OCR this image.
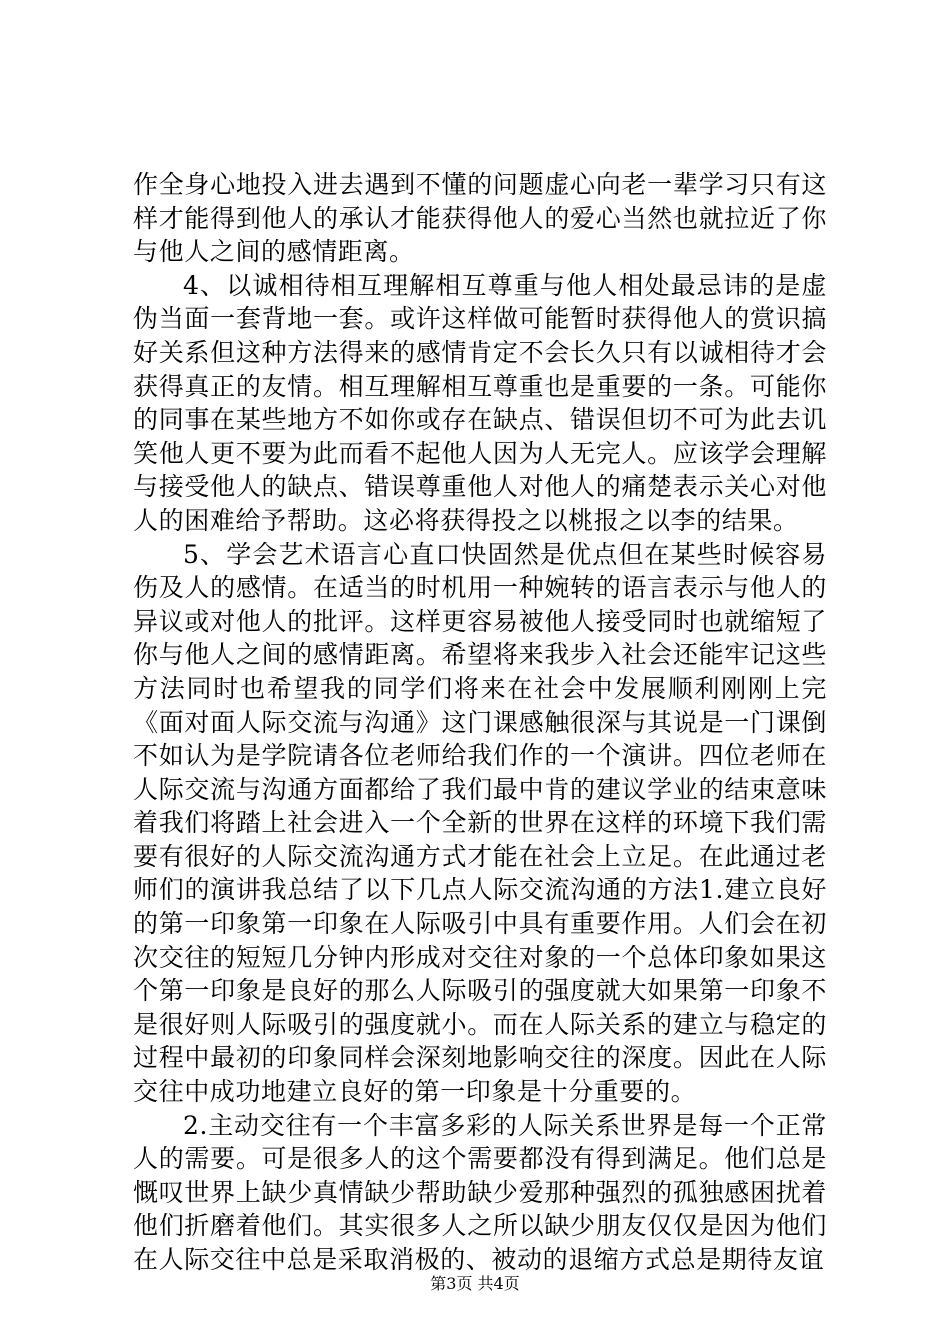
作全身心地投入进去遇到不懂的问题虚心向老一辈学习只有这样才能得到他人的承认才能获得他人的爱心当然也就拉近了你与他人之间的感情距离。

4、以诚相待相互理解相互尊重与他人相处最忌讳的是虚伪当面一套背地一套。或许这样做可能暂时获得他人的赏识搞好关系但这种方法得来的感情肯定不会长久只有以诚相待才会获得真正的友情。相互理解相互尊重也是重要的一条。可能你的同事在某些地方不如你或存在缺点、错误但切不可为此去讥笑他人更不要为此而看不起他人因为人无完人。应该学会理解与接受他人的缺点、错误尊重他人对他人的痛楚表示关心对他人的困难给予帮助。这必将获得投之以桃报之以李的结果。

5、学会艺术语言心直口快固然是优点但在某些时候容易伤及人的感情。在适当的时机用一种婉转的语言表示与他人的异议或对他人的批评。这样更容易被他人接受同时也就缩短了你与他人之间的感情距离。希望将来我步入社会还能牢记这些方法同时也希望我的同学们将来在社会中发展顺利刚刚上完《面对面人际交流与沟通》这门课感触很深与其说是一门课倒不如认为是学院请各位老师给我们作的一个演讲。四位老师在人际交流与沟通方面都给了我们最中肯的建议学业的结束意味着我们将踏上社会进入一个全新的世界在这样的环境下我们需要有很好的人际交流沟通方式才能在社会上立足。在此通过老师们的演讲我总结了以下几点人际交流沟通的方法1.建立良好的第一印象第一印象在人际吸引中具有重要作用。人们会在初次交往的短短几分钟内形成对交往对象的一个总体印象如果这个第一印象是良好的那么人际吸引的强度就大如果第一印象不是很好则人际吸引的强度就小。而在人际关系的建立与稳定的过程中最初的印象同样会深刻地影响交往的深度。因此在人际交往中成功地建立良好的第一印象是十分重要的。

2.主动交往有一个丰富多彩的人际关系世界是每一个正常人的需要。可是很多人的这个需要都没有得到满足。他们总是慨叹世界上缺少真情缺少帮助缺少爱那种强烈的孤独感困扰着他们折磨着他们。其实很多人之所以缺少朋友仅仅是因为他们在人际交往中总是采取消极的、被动的退缩方式总是期待友谊

第3页 共4页
